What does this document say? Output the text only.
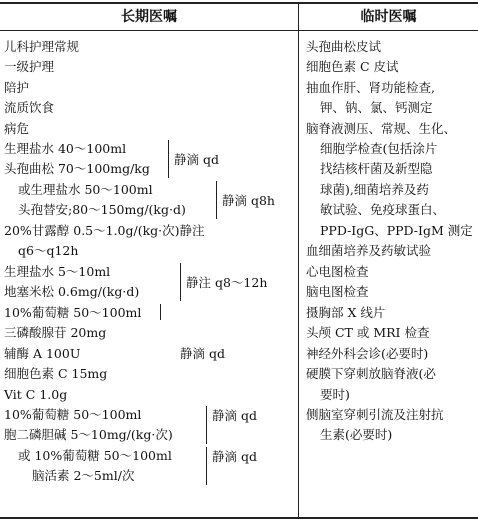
长期医嘱	临时医嘱
儿科护理常规
一级护理
陪护
流质饮食
病危
生理盐水 40～100ml
头孢曲松 70～100mg/kg
静滴 qd
或生理盐水 50～100ml
头孢替安;80～150mg/(kg·d)
静滴 q8h
20%甘露醇 0.5～1.0g/(kg·次)静注
q6～q12h
生理盐水 5～10ml
地塞米松 0.6mg/(kg·d)
静注 q8～12h
10%葡萄糖 50～100ml
三磷酸腺苷 20mg
辅酶 A 100U	静滴 qd
细胞色素 C 15mg
Vit C 1.0g
10%葡萄糖 50～100ml
胞二磷胆碱 5～10mg/(kg·次)
静滴 qd
或 10%葡萄糖 50～100ml
脑活素 2～5ml/次
静滴 qd
头孢曲松皮试
细胞色素 C 皮试
抽血作肝、肾功能检查,
钾、钠、氯、钙测定
脑脊液测压、常规、生化、
细胞学检查(包括涂片
找结核杆菌及新型隐
球菌),细菌培养及药
敏试验、免疫球蛋白、
PPD-IgG、PPD-IgM 测定
血细菌培养及药敏试验
心电图检查
脑电图检查
摄胸部 X 线片
头颅 CT 或 MRI 检查
神经外科会诊(必要时)
硬膜下穿刺放脑脊液(必
要时)
侧脑室穿刺引流及注射抗
生素(必要时)
